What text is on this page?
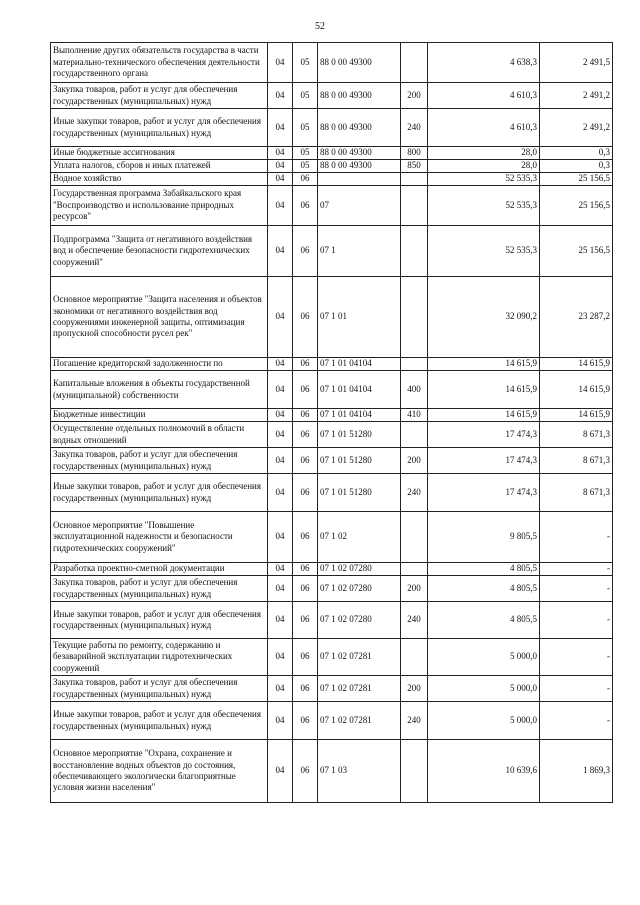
52
Выполнение других обязательств государства в части материально-технического обеспечения деятельности государственного органа	04	05	88 0 00 49300		4 638,3	2 491,5
Закупка товаров, работ и услуг для обеспечения государственных (муниципальных) нужд	04	05	88 0 00 49300	200	4 610,3	2 491,2
Иные закупки товаров, работ и услуг для обеспечения государственных (муниципальных) нужд	04	05	88 0 00 49300	240	4 610,3	2 491,2
Иные бюджетные ассигнования	04	05	88 0 00 49300	800	28,0	0,3
Уплата налогов, сборов и иных платежей	04	05	88 0 00 49300	850	28,0	0,3
Водное хозяйство	04	06			52 535,3	25 156,5
Государственная программа Забайкальского края "Воспроизводство и использование природных ресурсов"	04	06	07		52 535,3	25 156,5
Подпрограмма "Защита от негативного воздействия вод и обеспечение безопасности гидротехнических сооружений"	04	06	07 1		52 535,3	25 156,5
Основное мероприятие "Защита населения и объектов экономики от негативного воздействия вод сооружениями инженерной защиты, оптимизация пропускной способности русел рек"	04	06	07 1 01		32 090,2	23 287,2
Погашение кредиторской задолженности по	04	06	07 1 01 04104		14 615,9	14 615,9
Капитальные вложения в объекты государственной (муниципальной) собственности	04	06	07 1 01 04104	400	14 615,9	14 615,9
Бюджетные инвестиции	04	06	07 1 01 04104	410	14 615,9	14 615,9
Осуществление отдельных полномочий в области водных отношений	04	06	07 1 01 51280		17 474,3	8 671,3
Закупка товаров, работ и услуг для обеспечения государственных (муниципальных) нужд	04	06	07 1 01 51280	200	17 474,3	8 671,3
Иные закупки товаров, работ и услуг для обеспечения государственных (муниципальных) нужд	04	06	07 1 01 51280	240	17 474,3	8 671,3
Основное мероприятие "Повышение эксплуатационной надежности и безопасности гидротехнических сооружений"	04	06	07 1 02		9 805,5	-
Разработка проектно-сметной документации	04	06	07 1 02 07280		4 805,5	-
Закупка товаров, работ и услуг для обеспечения государственных (муниципальных) нужд	04	06	07 1 02 07280	200	4 805,5	-
Иные закупки товаров, работ и услуг для обеспечения государственных (муниципальных) нужд	04	06	07 1 02 07280	240	4 805,5	-
Текущие работы по ремонту, содержанию и безаварийной эксплуатации гидротехнических сооружений	04	06	07 1 02 07281		5 000,0	-
Закупка товаров, работ и услуг для обеспечения государственных (муниципальных) нужд	04	06	07 1 02 07281	200	5 000,0	-
Иные закупки товаров, работ и услуг для обеспечения государственных (муниципальных) нужд	04	06	07 1 02 07281	240	5 000,0	-
Основное мероприятие "Охрана, сохранение и восстановление водных объектов до состояния, обеспечивающего экологически благоприятные условия жизни населения"	04	06	07 1 03		10 639,6	1 869,3
